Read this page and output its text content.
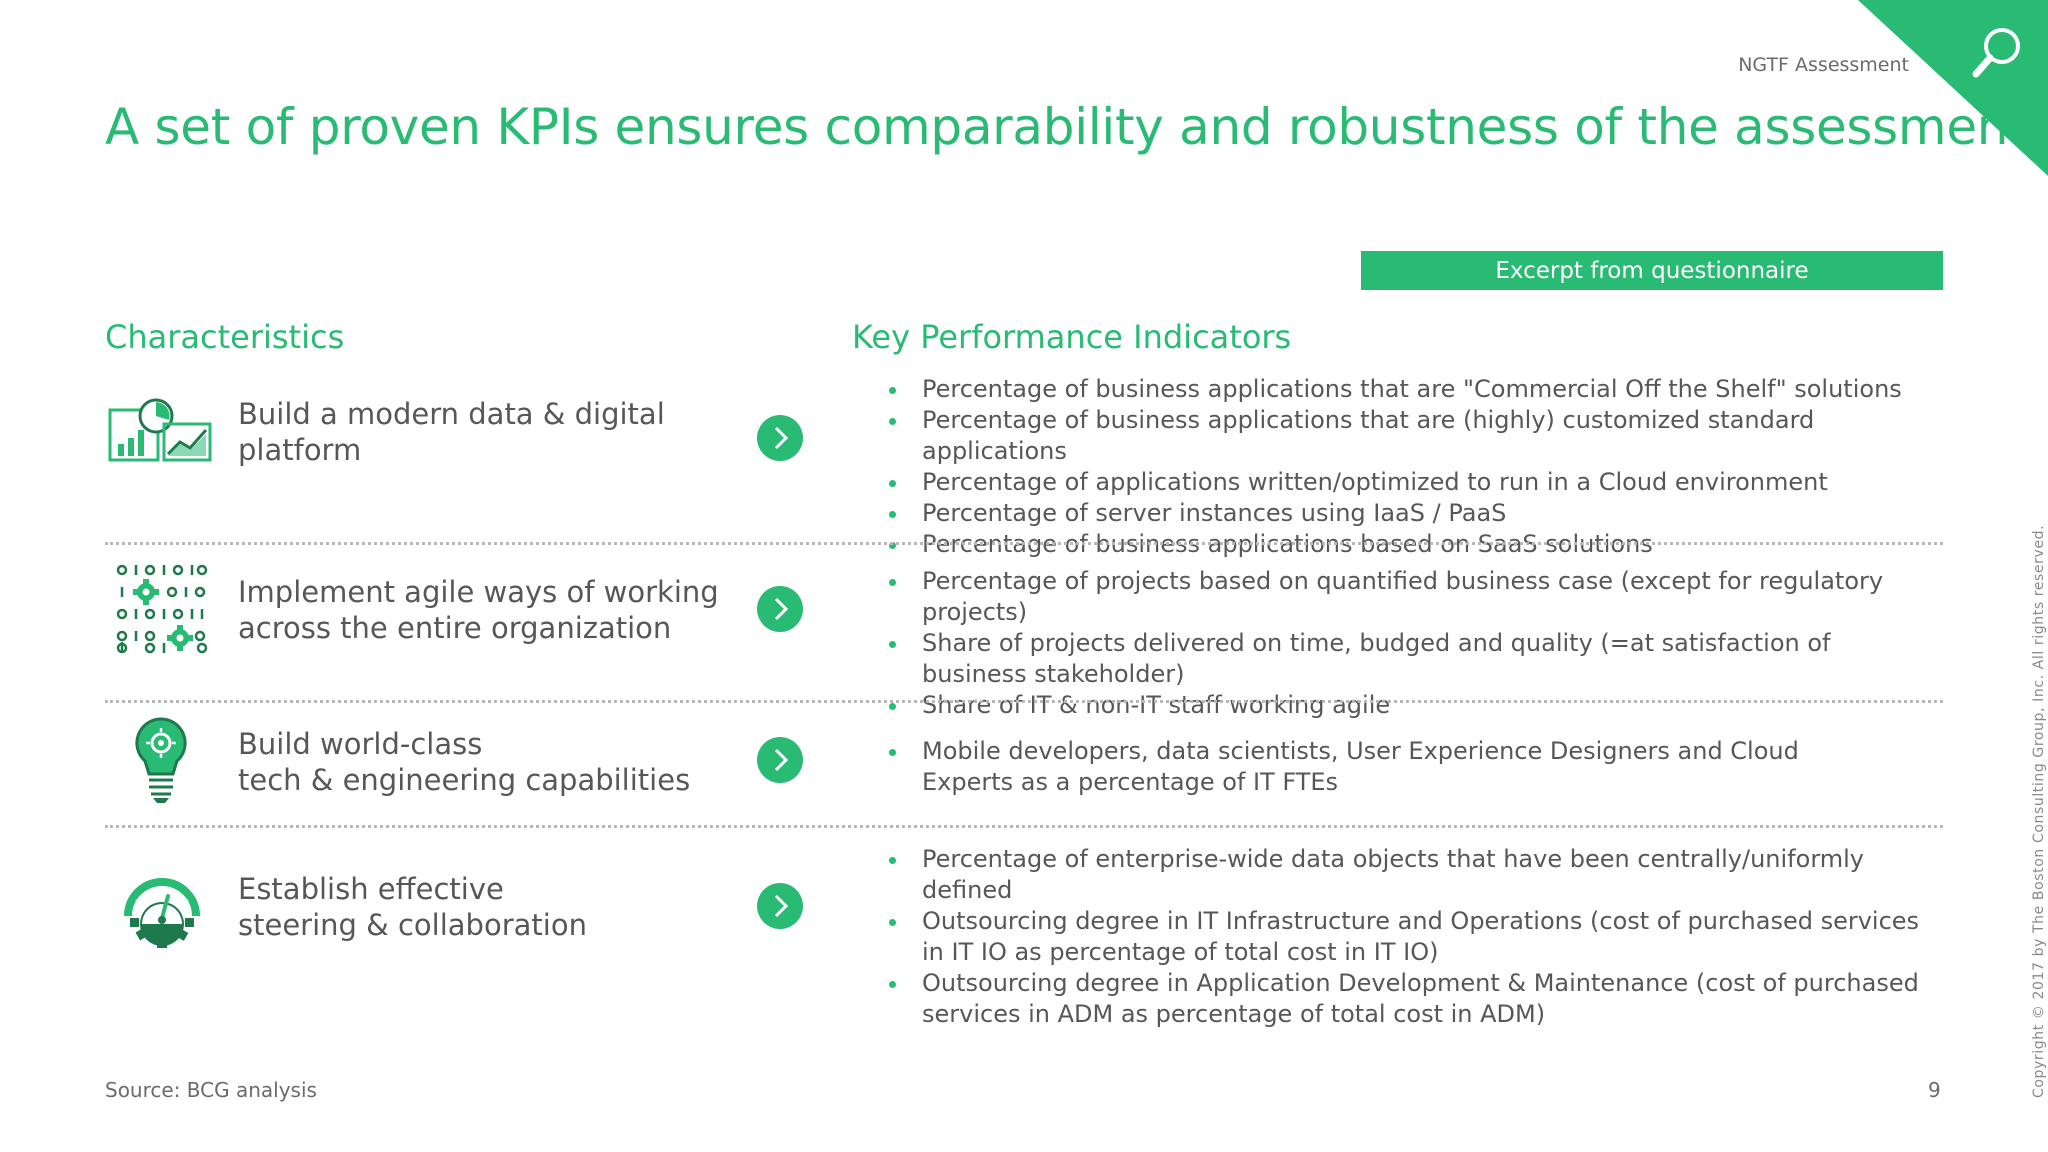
NGTF Assessment
A set of proven KPIs ensures comparability and robustness of the assessment
Excerpt from questionnaire
Characteristics	Key Performance Indicators
Build a modern data & digital
platform
Percentage of business applications that are "Commercial Off the Shelf" solutions
Percentage of business applications that are (highly) customized standard applications
Percentage of applications written/optimized to run in a Cloud environment
Percentage of server instances using IaaS / PaaS
Percentage of business applications based on SaaS solutions
Implement agile ways of working
across the entire organization
Percentage of projects based on quantified business case (except for regulatory projects)
Share of projects delivered on time, budged and quality (=at satisfaction of business stakeholder)
Share of IT & non-IT staff working agile
Build world-class
tech & engineering capabilities
Mobile developers, data scientists, User Experience Designers and Cloud Experts as a percentage of IT FTEs
Establish effective
steering & collaboration
Percentage of enterprise-wide data objects that have been centrally/uniformly defined
Outsourcing degree in IT Infrastructure and Operations (cost of purchased services in IT IO as percentage of total cost in IT IO)
Outsourcing degree in Application Development & Maintenance (cost of purchased services in ADM as percentage of total cost in ADM)
Source: BCG analysis	9	Copyright © 2017 by The Boston Consulting Group, Inc. All rights reserved.
